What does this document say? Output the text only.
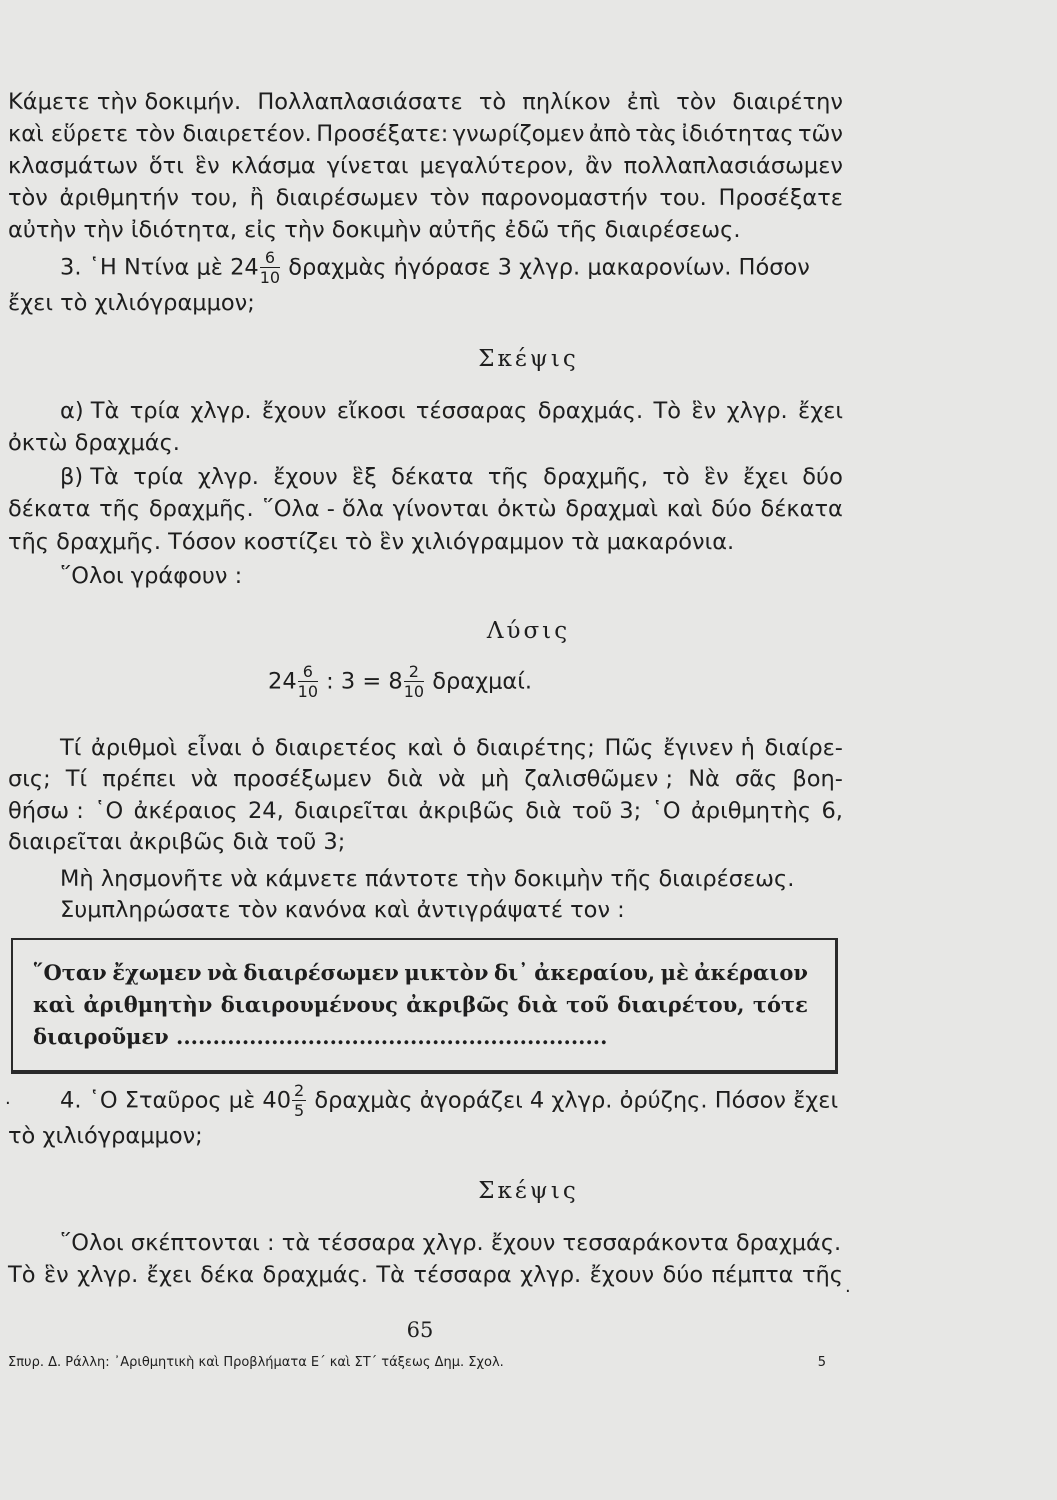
Κάμετε τὴν δοκιμήν. Πολλαπλασιάσατε τὸ πηλίκον ἐπὶ τὸν διαιρέτην
καὶ εὕρετε τὸν διαιρετέον. Προσέξατε: γνωρίζομεν ἀπὸ τὰς ἰδιότητας τῶν
κλασμάτων ὅτι ἓν κλάσμα γίνεται μεγαλύτερον, ἂν πολλαπλασιάσωμεν
τὸν ἀριθμητήν του, ἢ διαιρέσωμεν τὸν παρονομαστήν του. Προσέξατε
αὐτὴν τὴν ἰδιότητα, εἰς τὴν δοκιμὴν αὐτῆς ἐδῶ τῆς διαιρέσεως.
3. ῾Η Ντίνα μὲ $24 \frac{6}{10}$ δραχμὰς ἠγόρασε 3 χλγρ. μακαρονίων. Πόσον
ἔχει τὸ χιλιόγραμμον;
Σκέψις
α) Τὰ τρία χλγρ. ἔχουν εἴκοσι τέσσαρας δραχμάς. Τὸ ἓν χλγρ. ἔχει
ὀκτὼ δραχμάς.
β) Τὰ τρία χλγρ. ἔχουν ἓξ δέκατα τῆς δραχμῆς, τὸ ἓν ἔχει δύο
δέκατα τῆς δραχμῆς. ῞Ολα - ὅλα γίνονται ὀκτὼ δραχμαὶ καὶ δύο δέκατα
τῆς δραχμῆς. Τόσον κοστίζει τὸ ἓν χιλιόγραμμον τὰ μακαρόνια.
῞Ολοι γράφουν :
Λύσις
$24 \frac{6}{10}$ : $3 = 8 \frac{2}{10} \delta\rho\alpha\chi\mu\alpha ί$.
Τί ἀριθμοὶ εἶναι ὁ διαιρετέος καὶ ὁ διαιρέτης; Πῶς ἔγινεν ἡ διαίρε-
σις; Τί πρέπει νὰ προσέξωμεν διὰ νὰ μὴ ζαλισθῶμεν ; Νὰ σᾶς βοη-
θήσω : ῾Ο ἀκέραιος 24, διαιρεῖται ἀκριβῶς διὰ τοῦ 3; ῾Ο ἀριθμητὴς 6,
διαιρεῖται ἀκριβῶς διὰ τοῦ 3;
Μὴ λησμονῆτε νὰ κάμνετε πάντοτε τὴν δοκιμὴν τῆς διαιρέσεως.
Συμπληρώσατε τὸν κανόνα καὶ ἀντιγράψατέ τον :
῞Οταν ἔχωμεν νὰ διαιρέσωμεν μικτὸν δι᾽ ἀκεραίου, μὲ ἀκέραιον
καὶ ἀριθμητὴν διαιρουμένους ἀκριβῶς διὰ τοῦ διαιρέτου, τότε
διαιροῦμεν ...........................................................
4. ῾Ο Σταῦρος μὲ $40 \frac{2}{5}$ δραχμὰς ἀγοράζει 4 χλγρ. ὀρύζης. Πόσον ἔχει
τὸ χιλιόγραμμον;
Σκέψις
῞Ολοι σκέπτονται : τὰ τέσσαρα χλγρ. ἔχουν τεσσαράκοντα δραχμάς.
Τὸ ἓν χλγρ. ἔχει δέκα δραχμάς. Τὰ τέσσαρα χλγρ. ἔχουν δύο πέμπτα τῆς
65
Σπυρ. Δ. Ράλλη: ᾽Αριθμητικὴ καὶ Προβλήματα Ε΄ καὶ ΣΤ΄ τάξεως Δημ. Σχολ.	5
.
.
